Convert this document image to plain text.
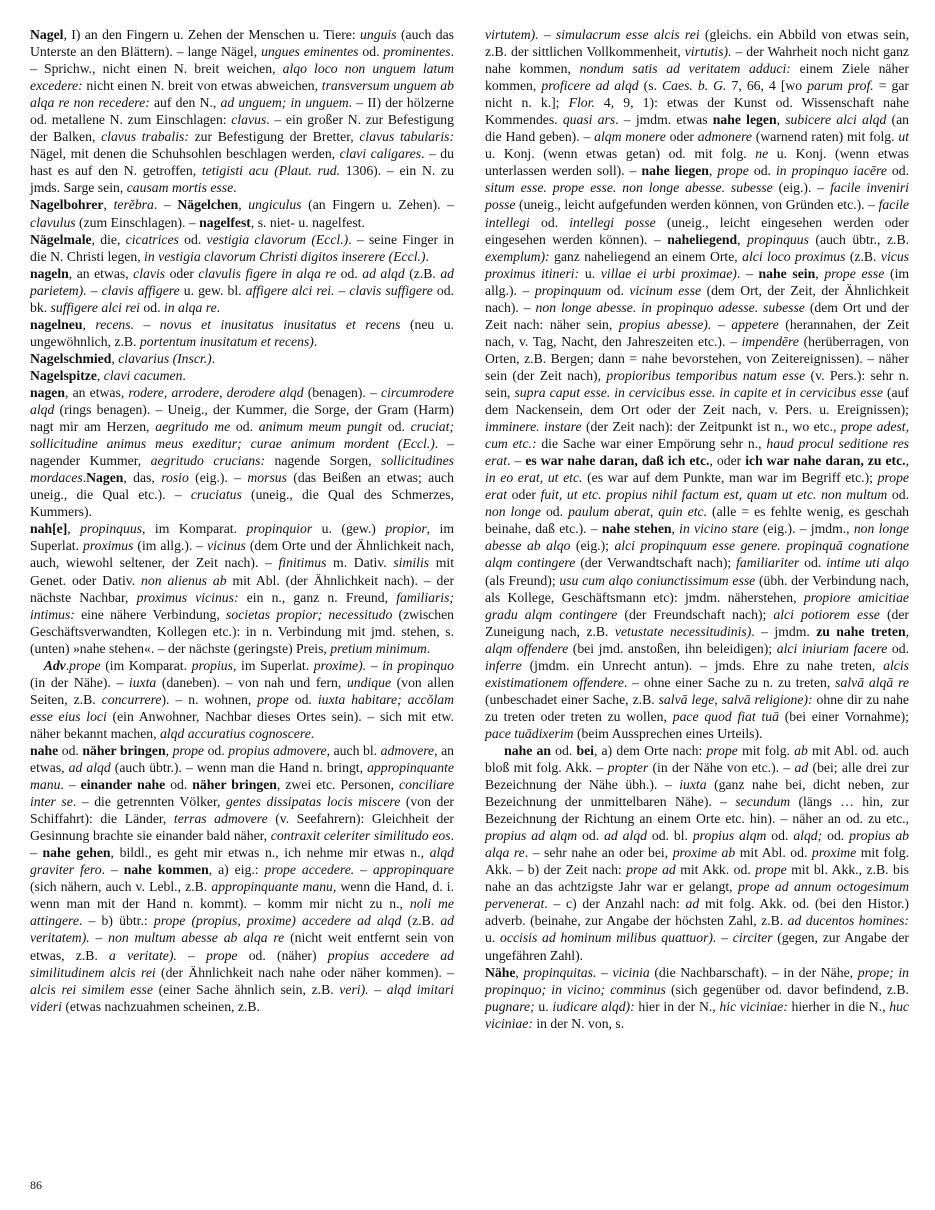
Nagel, I) an den Fingern u. Zehen der Menschen u. Tiere: unguis (auch das Unterste an den Blättern). – lange Nägel, ungues eminentes od. prominentes. – Sprichw., nicht einen N. breit weichen, alqo loco non unguem latum excedere: nicht einen N. breit von etwas abweichen, transversum unguem ab alqa re non recedere: auf den N., ad unguem; in unguem. – II) der hölzerne od. metallene N. zum Einschlagen: clavus. – ein großer N. zur Befestigung der Balken, clavus trabalis: zur Befestigung der Bretter, clavus tabularis: Nägel, mit denen die Schuhsohlen beschlagen werden, clavi caligares. – du hast es auf den N. getroffen, tetigisti acu (Plaut. rud. 1306). – ein N. zu jmds. Sarge sein, causam mortis esse.

Nagelbohrer, terĕbra. – Nägelchen, ungiculus (an Fingern u. Zehen). – clavulus (zum Einschlagen). – nagelfest, s. niet- u. nagelfest.

Nägelmale, die, cicatrices od. vestigia clavorum (Eccl.). – seine Finger in die N. Christi legen, in vestigia clavorum Christi digitos inserere (Eccl.).

nageln, an etwas, clavis oder clavulis figere in alqa re od. ad alqd (z.B. ad parietem). – clavis affigere u. gew. bl. affigere alci rei. – clavis suffigere od. bk. suffigere alci rei od. in alqa re.

nagelneu, recens. – novus et inusitatus inusitatus et recens (neu u. ungewöhnlich, z.B. portentum inusitatum et recens).

Nagelschmied, clavarius (Inscr.).

Nagelspitze, clavi cacumen.

nagen, an etwas, rodere, arrodere, derodere alqd (benagen). – circumrodere alqd (rings benagen). – Uneig., der Kummer, die Sorge, der Gram (Harm) nagt mir am Herzen, aegritudo me od. animum meum pungit od. cruciat; sollicitudine animus meus exeditur; curae animum mordent (Eccl.). – nagender Kummer, aegritudo crucians: nagende Sorgen, sollicitudines mordaces.Nagen, das, rosio (eig.). – morsus (das Beißen an etwas; auch uneig., die Qual etc.). – cruciatus (uneig., die Qual des Schmerzes, Kummers).

nah[e], propinquus, im Komparat. propinquior u. (gew.) propior, im Superlat. proximus (im allg.). – vicinus (dem Orte und der Ähnlichkeit nach, auch, wiewohl seltener, der Zeit nach). – finitimus m. Dativ. similis mit Genet. oder Dativ. non alienus ab mit Abl. (der Ähnlichkeit nach). – der nächste Nachbar, proximus vicinus: ein n., ganz n. Freund, familiaris; intimus: eine nähere Verbindung, societas propior; necessitudo (zwischen Geschäftsverwandten, Kollegen etc.): in n. Verbindung mit jmd. stehen, s. (unten) »nahe stehen«. – der nächste (geringste) Preis, pretium minimum.

Adv.prope (im Komparat. propius, im Superlat. proxime). – in propinquo (in der Nähe). – iuxta (daneben). – von nah und fern, undique (von allen Seiten, z.B. concurrere). – n. wohnen, prope od. iuxta habitare; accŏlam esse eius loci (ein Anwohner, Nachbar dieses Ortes sein). – sich mit etw. näher bekannt machen, alqd accuratius cognoscere.

nahe od. näher bringen, prope od. propius admovere, auch bl. admovere, an etwas, ad alqd (auch übtr.). – wenn man die Hand n. bringt, appropinquante manu. – einander nahe od. näher bringen, zwei etc. Personen, conciliare inter se. – die getrennten Völker, gentes dissipatas locis miscere (von der Schiffahrt): die Länder, terras admovere (v. Seefahrern): Gleichheit der Gesinnung brachte sie einander bald näher, contraxit celeriter similitudo eos. – nahe gehen, bildl., es geht mir etwas n., ich nehme mir etwas n., alqd graviter fero. – nahe kommen, a) eig.: prope accedere. – appropinquare (sich nähern, auch v. Lebl., z.B. appropinquante manu, wenn die Hand, d. i. wenn man mit der Hand n. kommt). – komm mir nicht zu n., noli me attingere. – b) übtr.: prope (propius, proxime) accedere ad alqd (z.B. ad veritatem). – non multum abesse ab alqa re (nicht weit entfernt sein von etwas, z.B. a veritate). – prope od. (näher) propius accedere ad similitudinem alcis rei (der Ähnlichkeit nach nahe oder näher kommen). – alcis rei similem esse (einer Sache ähnlich sein, z.B. veri). – alqd imitari videri (etwas nachzuahmen scheinen, z.B.

virtutem). – simulacrum esse alcis rei (gleichs. ein Abbild von etwas sein, z.B. der sittlichen Vollkommenheit, virtutis). – der Wahrheit noch nicht ganz nahe kommen, nondum satis ad veritatem adduci: einem Ziele näher kommen, proficere ad alqd (s. Caes. b. G. 7, 66, 4 [wo parum prof. = gar nicht n. k.]; Flor. 4, 9, 1): etwas der Kunst od. Wissenschaft nahe Kommendes. quasi ars. – jmdm. etwas nahe legen, subicere alci alqd (an die Hand geben). – alqm monere oder admonere (warnend raten) mit folg. ut u. Konj. (wenn etwas getan) od. mit folg. ne u. Konj. (wenn etwas unterlassen werden soll). – nahe liegen, prope od. in propinquo iacēre od. situm esse. prope esse. non longe abesse. subesse (eig.). – facile inveniri posse (uneig., leicht aufgefunden werden können, von Gründen etc.). – facile intellegi od. intellegi posse (uneig., leicht eingesehen werden oder eingesehen werden können). – naheliegend, propinquus (auch übtr., z.B. exemplum): ganz naheliegend an einem Orte, alci loco proximus (z.B. vicus proximus itineri: u. villae ei urbi proximae). – nahe sein, prope esse (im allg.). – propinquum od. vicinum esse (dem Ort, der Zeit, der Ähnlichkeit nach). – non longe abesse. in propinquo adesse. subesse (dem Ort und der Zeit nach: näher sein, propius abesse). – appetere (herannahen, der Zeit nach, v. Tag, Nacht, den Jahreszeiten etc.). – impendēre (herüberragen, von Orten, z.B. Bergen; dann = nahe bevorstehen, von Zeitereignissen). – näher sein (der Zeit nach), propioribus temporibus natum esse (v. Pers.): sehr n. sein, supra caput esse. in cervicibus esse. in capite et in cervicibus esse (auf dem Nackensein, dem Ort oder der Zeit nach, v. Pers. u. Ereignissen); imminere. instare (der Zeit nach): der Zeitpunkt ist n., wo etc., prope adest, cum etc.: die Sache war einer Empörung sehr n., haud procul seditione res erat. – es war nahe daran, daß ich etc., oder ich war nahe daran, zu etc., in eo erat, ut etc. (es war auf dem Punkte, man war im Begriff etc.); prope erat oder fuit, ut etc. propius nihil factum est, quam ut etc. non multum od. non longe od. paulum aberat, quin etc. (alle = es fehlte wenig, es geschah beinahe, daß etc.). – nahe stehen, in vicino stare (eig.). – jmdm., non longe abesse ab alqo (eig.); alci propinquum esse genere. propinquā cognatione alqm contingere (der Verwandtschaft nach); familiariter od. intime uti alqo (als Freund); usu cum alqo coniunctissimum esse (übh. der Verbindung nach, als Kollege, Geschäftsmann etc): jmdm. näherstehen, propiore amicitiae gradu alqm contingere (der Freundschaft nach); alci potiorem esse (der Zuneigung nach, z.B. vetustate necessitudinis). – jmdm. zu nahe treten, alqm offendere (bei jmd. anstoßen, ihn beleidigen); alci iniuriam facere od. inferre (jmdm. ein Unrecht antun). – jmds. Ehre zu nahe treten, alcis existimationem offendere. – ohne einer Sache zu n. zu treten, salvā alqā re (unbeschadet einer Sache, z.B. salvā lege, salvā religione): ohne dir zu nahe zu treten oder treten zu wollen, pace quod fiat tuā (bei einer Vornahme); pace tuādixerim (beim Aussprechen eines Urteils).

nahe an od. bei, a) dem Orte nach: prope mit folg. ab mit Abl. od. auch bloß mit folg. Akk. – propter (in der Nähe von etc.). – ad (bei; alle drei zur Bezeichnung der Nähe übh.). – iuxta (ganz nahe bei, dicht neben, zur Bezeichnung der unmittelbaren Nähe). – secundum (längs … hin, zur Bezeichnung der Richtung an einem Orte etc. hin). – näher an od. zu etc., propius ad alqm od. ad alqd od. bl. propius alqm od. alqd; od. propius ab alqa re. – sehr nahe an oder bei, proxime ab mit Abl. od. proxime mit folg. Akk. – b) der Zeit nach: prope ad mit Akk. od. prope mit bl. Akk., z.B. bis nahe an das achtzigste Jahr war er gelangt, prope ad annum octogesimum pervenerat. – c) der Anzahl nach: ad mit folg. Akk. od. (bei den Histor.) adverb. (beinahe, zur Angabe der höchsten Zahl, z.B. ad ducentos homines: u. occisis ad hominum milibus quattuor). – circiter (gegen, zur Angabe der ungefähren Zahl).

Nähe, propinquitas. – vicinia (die Nachbarschaft). – in der Nähe, prope; in propinquo; in vicino; comminus (sich gegenüber od. davor befindend, z.B. pugnare; u. iudicare alqd): hier in der N., hic viciniae: hierher in die N., huc viciniae: in der N. von, s.

86
